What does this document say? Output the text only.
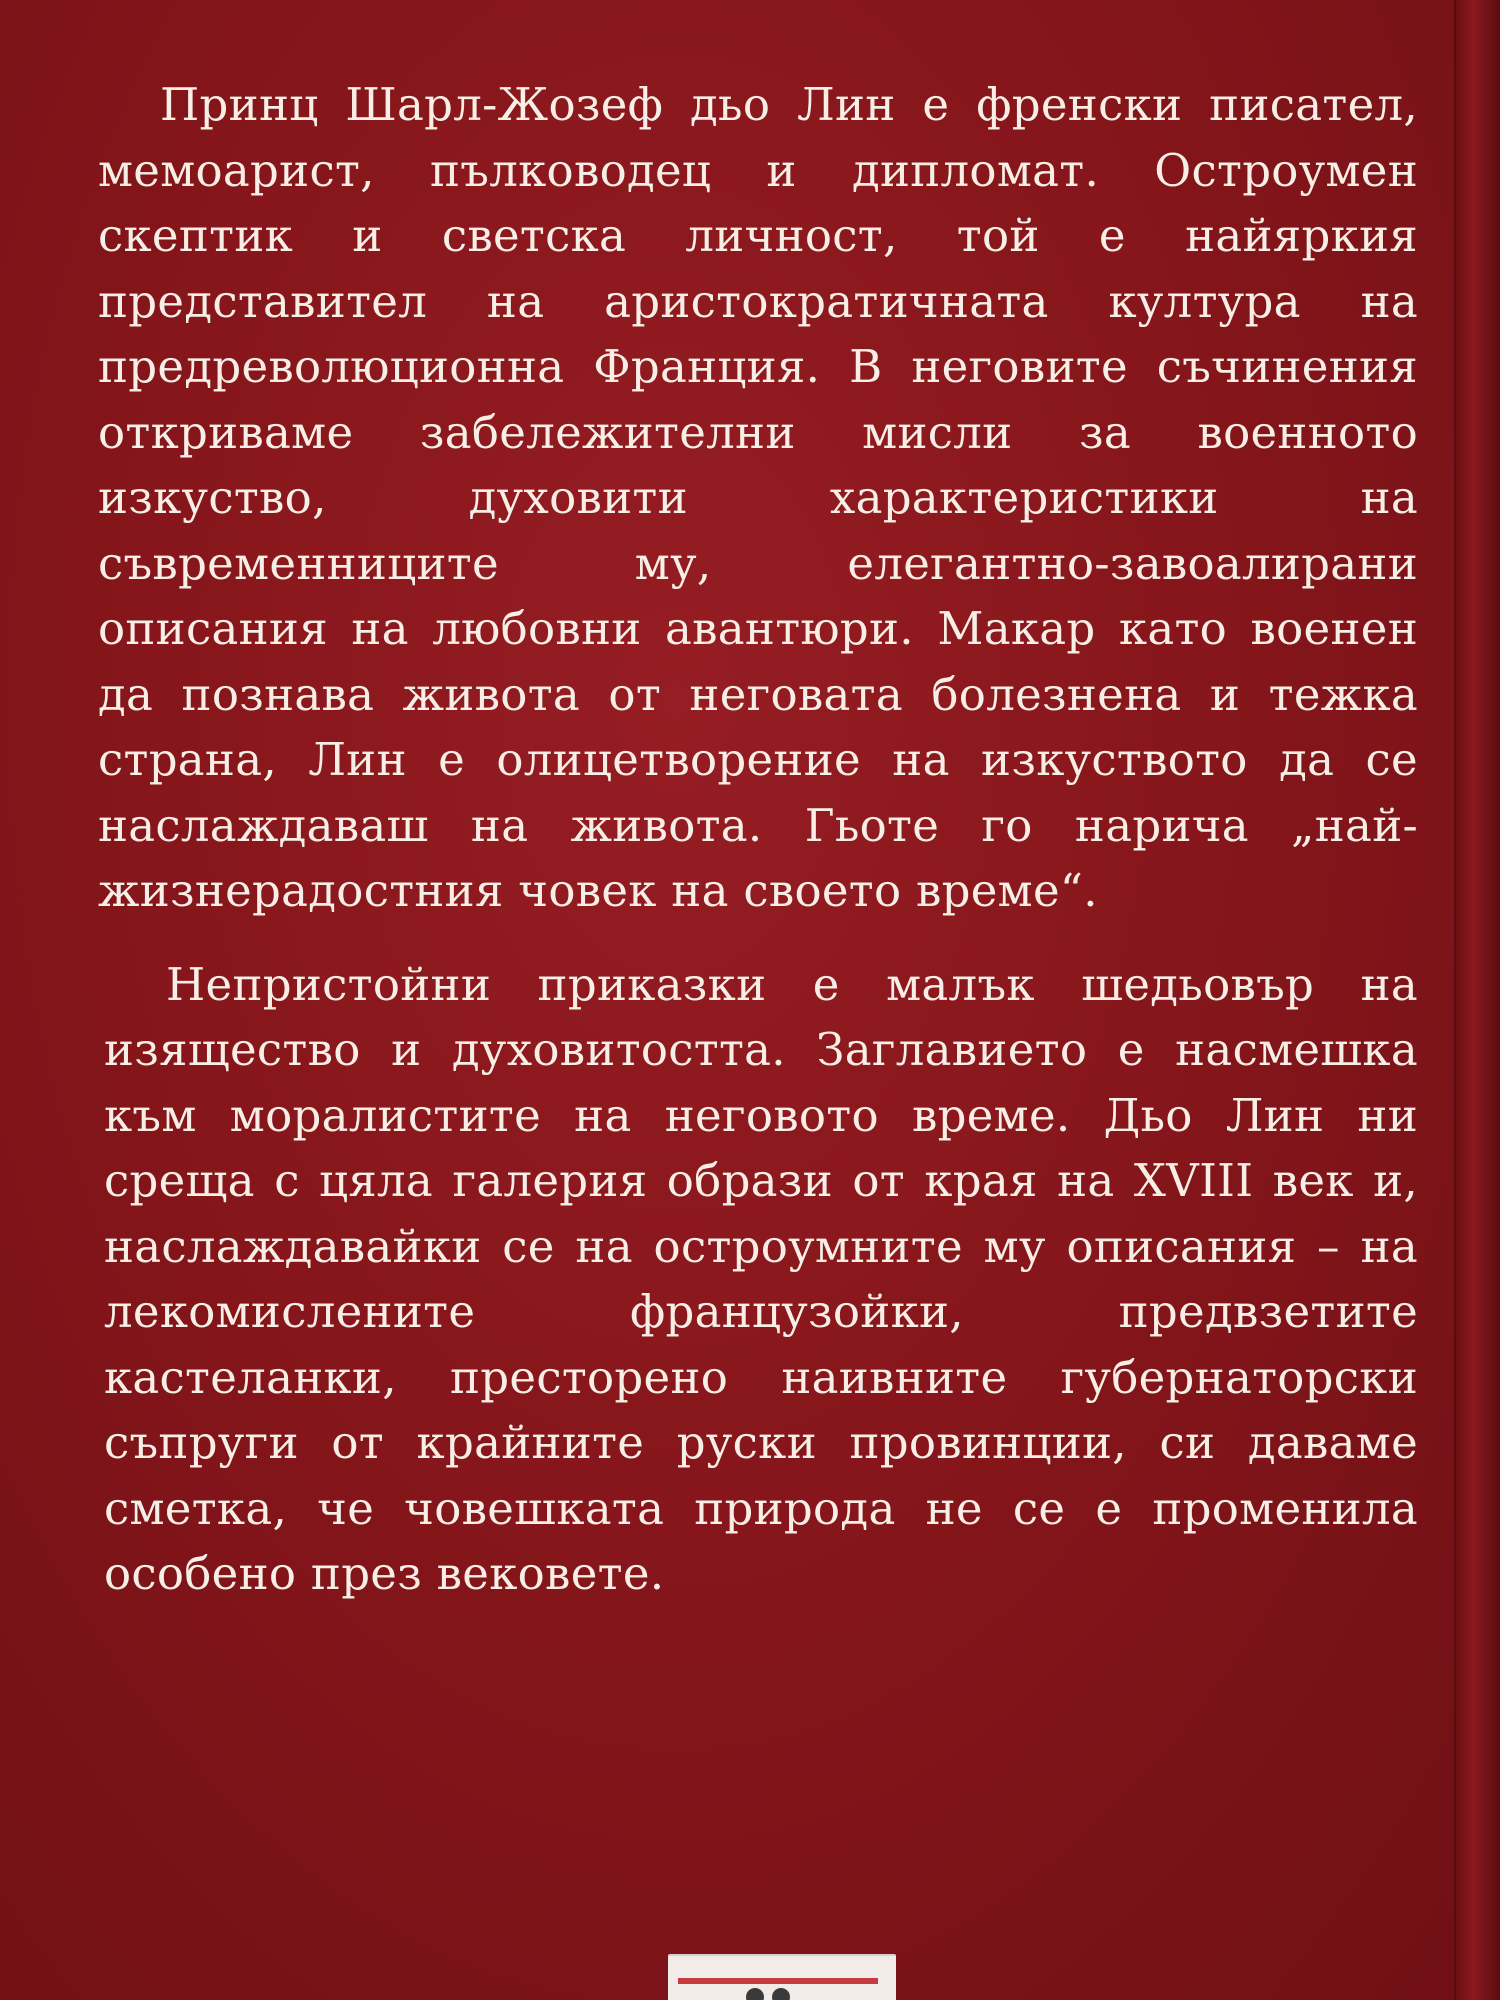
Принц Шарл-Жозеф дьо Лин е френски писател, мемоарист, пълководец и дипломат. Остроумен скептик и светска личност, той е найяркия представител на аристократичната култура на предреволюционна Франция. В неговите съчинения откриваме забележителни мисли за военното изкуство, духовити характеристики на съвременниците му, елегантно-завоалирани описания на любовни авантюри. Макар като военен да познава живота от неговата болезнена и тежка страна, Лин е олицетворение на изкуството да се наслаждаваш на живота. Гьоте го нарича „най-жизнерадостния човек на своето време“.

Непристойни приказки е малък шедьовър на изящество и духовитостта. Заглавието е насмешка към моралистите на неговото време. Дьо Лин ни среща с цяла галерия образи от края на XVIII век и, наслаждавайки се на остроумните му описания – на лекомислените французойки, предвзетите кастеланки, престорено наивните губернаторски съпруги от крайните руски провинции, си даваме сметка, че човешката природа не се е променила особено през вековете.
